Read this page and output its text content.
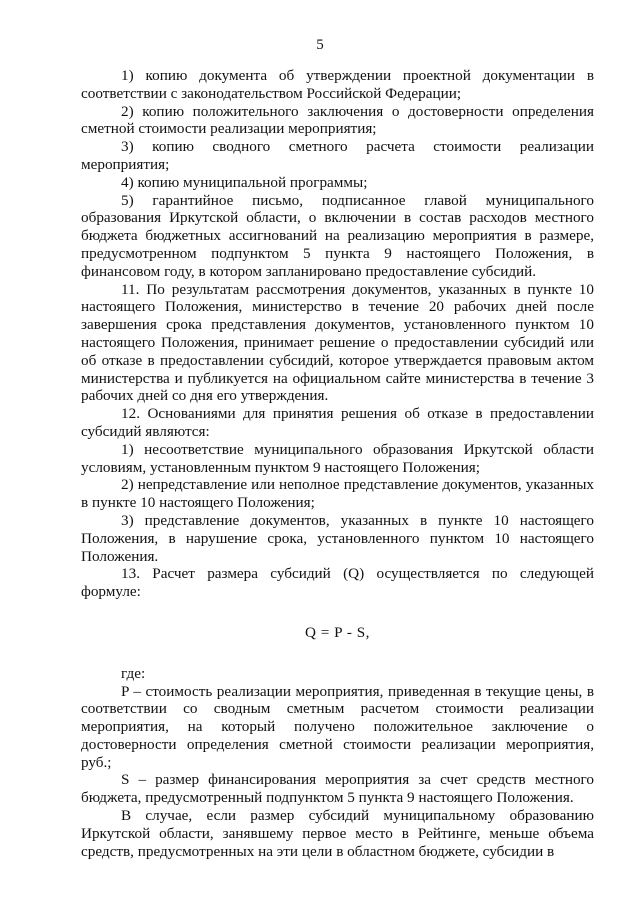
5

1) копию документа об утверждении проектной документации в соответствии с законодательством Российской Федерации;

2) копию положительного заключения о достоверности определения сметной стоимости реализации мероприятия;

3) копию сводного сметного расчета стоимости реализации мероприятия;

4) копию муниципальной программы;

5) гарантийное письмо, подписанное главой муниципального образования Иркутской области, о включении в состав расходов местного бюджета бюджетных ассигнований на реализацию мероприятия в размере, предусмотренном подпунктом 5 пункта 9 настоящего Положения, в финансовом году, в котором запланировано предоставление субсидий.

11. По результатам рассмотрения документов, указанных в пункте 10 настоящего Положения, министерство в течение 20 рабочих дней после завершения срока представления документов, установленного пунктом 10 настоящего Положения, принимает решение о предоставлении субсидий или об отказе в предоставлении субсидий, которое утверждается правовым актом министерства и публикуется на официальном сайте министерства в течение 3 рабочих дней со дня его утверждения.

12. Основаниями для принятия решения об отказе в предоставлении субсидий являются:

1) несоответствие муниципального образования Иркутской области условиям, установленным пунктом 9 настоящего Положения;

2) непредставление или неполное представление документов, указанных в пункте 10 настоящего Положения;

3) представление документов, указанных в пункте 10 настоящего Положения, в нарушение срока, установленного пунктом 10 настоящего Положения.

13. Расчет размера субсидий (Q) осуществляется по следующей формуле:

Q = P - S,

где:

P – стоимость реализации мероприятия, приведенная в текущие цены, в соответствии со сводным сметным расчетом стоимости реализации мероприятия, на который получено положительное заключение о достоверности определения сметной стоимости реализации мероприятия, руб.;

S – размер финансирования мероприятия за счет средств местного бюджета, предусмотренный подпунктом 5 пункта 9 настоящего Положения.

В случае, если размер субсидий муниципальному образованию Иркутской области, занявшему первое место в Рейтинге, меньше объема средств, предусмотренных на эти цели в областном бюджете, субсидии в
